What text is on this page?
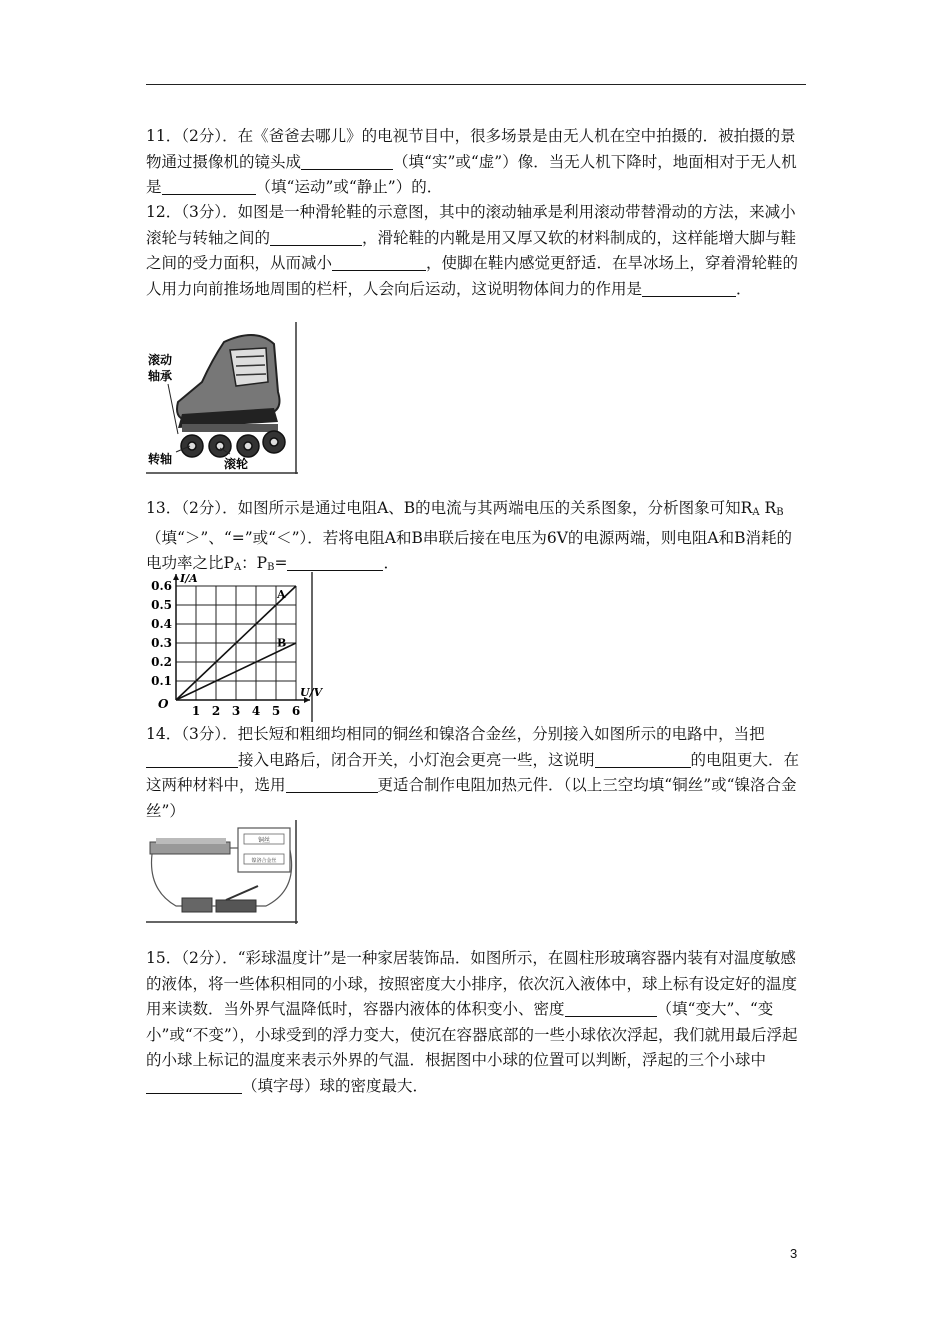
11．（2分）．在《爸爸去哪儿》的电视节目中，很多场景是由无人机在空中拍摄的．被拍摄的景物通过摄像机的镜头成	（填“实”或“虚”）像．当无人机下降时，地面相对于无人机是	（填“运动”或“静止”）的．

12．（3分）．如图是一种滑轮鞋的示意图，其中的滚动轴承是利用滚动带替滑动的方法，来减小滚轮与转轴之间的	，滑轮鞋的内靴是用又厚又软的材料制成的，这样能增大脚与鞋之间的受力面积，从而减小	，使脚在鞋内感觉更舒适．在旱冰场上，穿着滑轮鞋的人用力向前推场地周围的栏杆，人会向后运动，这说明物体间力的作用是	．

滚动
轴承
转轴	滚轮

13．（2分）．如图所示是通过电阻A、B的电流与其两端电压的关系图象，分析图象可知$R_A$ $R_B$（填“＞”、“=”或“＜”）．若将电阻A和B串联后接在电压为6V的电源两端，则电阻A和B消耗的电功率之比$P_A$：$P_B=$	．

A
B
1 2 3 4 5 6
0.1
0.2
0.3
0.4
0.5
0.6
O
I/A
U/V

14．（3分）．把长短和粗细均相同的铜丝和镍洛合金丝，分别接入如图所示的电路中，当把接入电路后，闭合开关，小灯泡会更亮一些，这说明	的电阻更大．在这两种材料中，选用	更适合制作电阻加热元件．（以上三空均填“铜丝”或“镍洛合金丝”）

铜丝
镍洛合金丝

15．（2分）．“彩球温度计”是一种家居装饰品．如图所示，在圆柱形玻璃容器内装有对温度敏感的液体，将一些体积相同的小球，按照密度大小排序，依次沉入液体中，球上标有设定好的温度用来读数．当外界气温降低时，容器内液体的体积变小、密度	（填“变大”、“变小”或“不变”），小球受到的浮力变大，使沉在容器底部的一些小球依次浮起，我们就用最后浮起的小球上标记的温度来表示外界的气温．根据图中小球的位置可以判断，浮起的三个小球中（填字母）球的密度最大．

3
